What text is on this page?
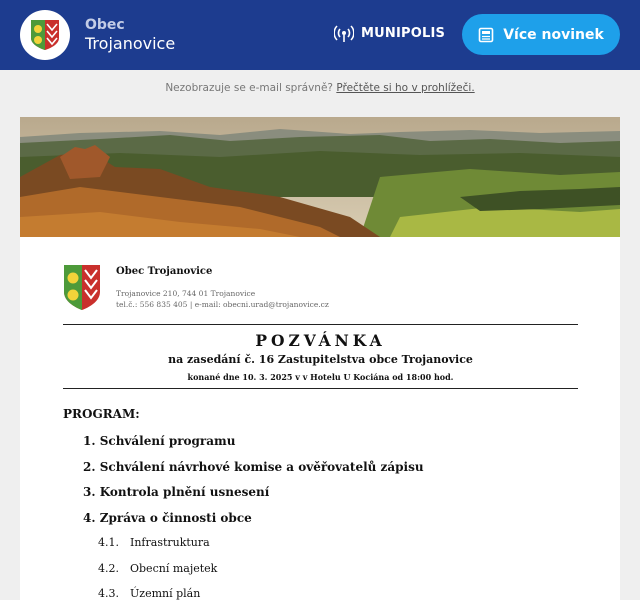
Obec
Trojanovice
MUNIPOLIS	Více novinek
Nezobrazuje se e-mail správně? Přečtěte si ho v prohlížeči.
Obec Trojanovice
Trojanovice 210, 744 01 Trojanovice
tel.č.: 556 835 405 | e-mail: obecni.urad@trojanovice.cz
POZVÁNKA
na zasedání č. 16 Zastupitelstva obce Trojanovice
konané dne 10. 3. 2025 v v Hotelu U Kociána od 18:00 hod.
PROGRAM:
1. Schválení programu
2. Schválení návrhové komise a ověřovatelů zápisu
3. Kontrola plnění usnesení
4. Zpráva o činnosti obce
4.1. Infrastruktura
4.2. Obecní majetek
4.3. Územní plán
